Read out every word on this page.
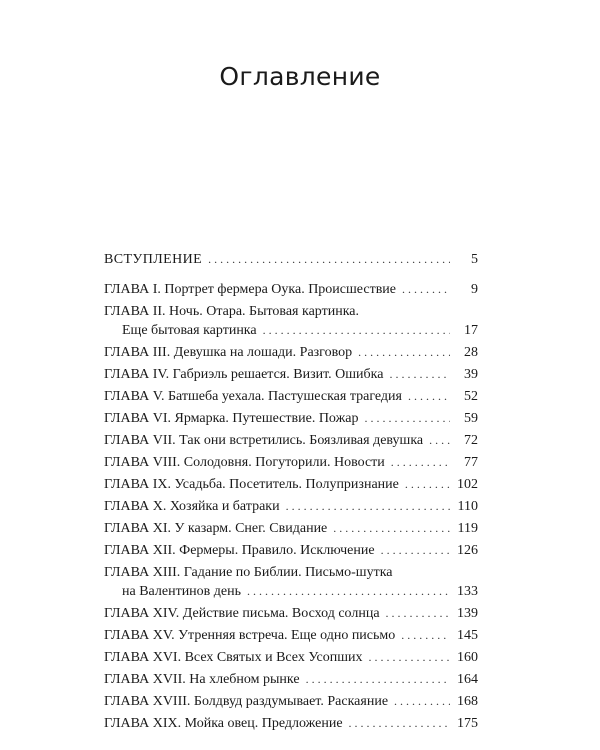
Оглавление
ВСТУПЛЕНИЕ . . .	5
ГЛАВА I. Портрет фермера Оука. Происшествие . . .	9
ГЛАВА II. Ночь. Отара. Бытовая картинка.
Еще бытовая картинка . . .	17
ГЛАВА III. Девушка на лошади. Разговор . . .	28
ГЛАВА IV. Габриэль решается. Визит. Ошибка . . .	39
ГЛАВА V. Батшеба уехала. Пастушеская трагедия . . .	52
ГЛАВА VI. Ярмарка. Путешествие. Пожар . . .	59
ГЛАВА VII. Так они встретились. Боязливая девушка . . .	72
ГЛАВА VIII. Солодовня. Погуторили. Новости . . .	77
ГЛАВА IX. Усадьба. Посетитель. Полупризнание . . .	102
ГЛАВА X. Хозяйка и батраки . . .	110
ГЛАВА XI. У казарм. Снег. Свидание . . .	119
ГЛАВА XII. Фермеры. Правило. Исключение . . .	126
ГЛАВА XIII. Гадание по Библии. Письмо-шутка
на Валентинов день . . .	133
ГЛАВА XIV. Действие письма. Восход солнца . . .	139
ГЛАВА XV. Утренняя встреча. Еще одно письмо . . .	145
ГЛАВА XVI. Всех Святых и Всех Усопших . . .	160
ГЛАВА XVII. На хлебном рынке . . .	164
ГЛАВА XVIII. Болдвуд раздумывает. Раскаяние . . .	168
ГЛАВА XIX. Мойка овец. Предложение . . .	175
